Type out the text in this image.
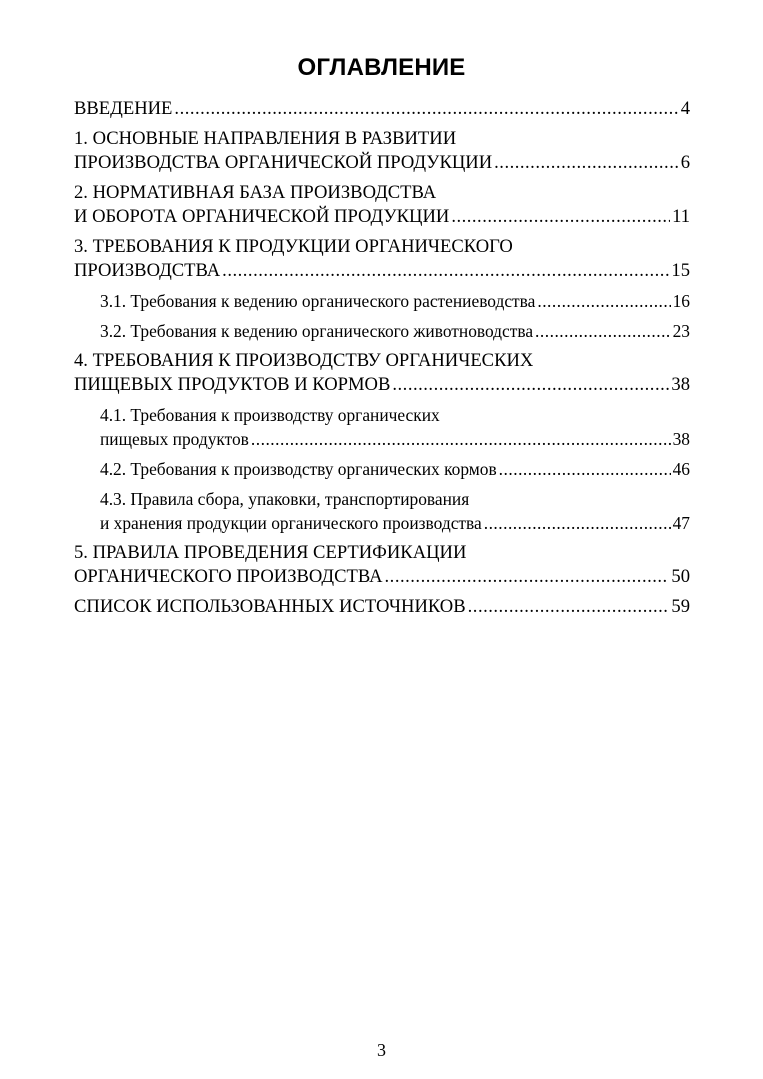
ОГЛАВЛЕНИЕ
ВВЕДЕНИЕ .....	4
1. ОСНОВНЫЕ НАПРАВЛЕНИЯ В РАЗВИТИИ
ПРОИЗВОДСТВА ОРГАНИЧЕСКОЙ ПРОДУКЦИИ .....	6
2. НОРМАТИВНАЯ БАЗА ПРОИЗВОДСТВА
И ОБОРОТА ОРГАНИЧЕСКОЙ ПРОДУКЦИИ .....	11
3. ТРЕБОВАНИЯ К ПРОДУКЦИИ ОРГАНИЧЕСКОГО
ПРОИЗВОДСТВА .....	15
3.1. Требования к ведению органического растениеводства .....	16
3.2. Требования к ведению органического животноводства .....	23
4. ТРЕБОВАНИЯ К ПРОИЗВОДСТВУ ОРГАНИЧЕСКИХ
ПИЩЕВЫХ ПРОДУКТОВ И КОРМОВ .....	38
4.1. Требования к производству органических
пищевых продуктов .....	38
4.2. Требования к производству органических кормов .....	46
4.3. Правила сбора, упаковки, транспортирования
и хранения продукции органического производства .....	47
5. ПРАВИЛА ПРОВЕДЕНИЯ СЕРТИФИКАЦИИ
ОРГАНИЧЕСКОГО ПРОИЗВОДСТВА .....	50
СПИСОК ИСПОЛЬЗОВАННЫХ ИСТОЧНИКОВ .....	59
3
